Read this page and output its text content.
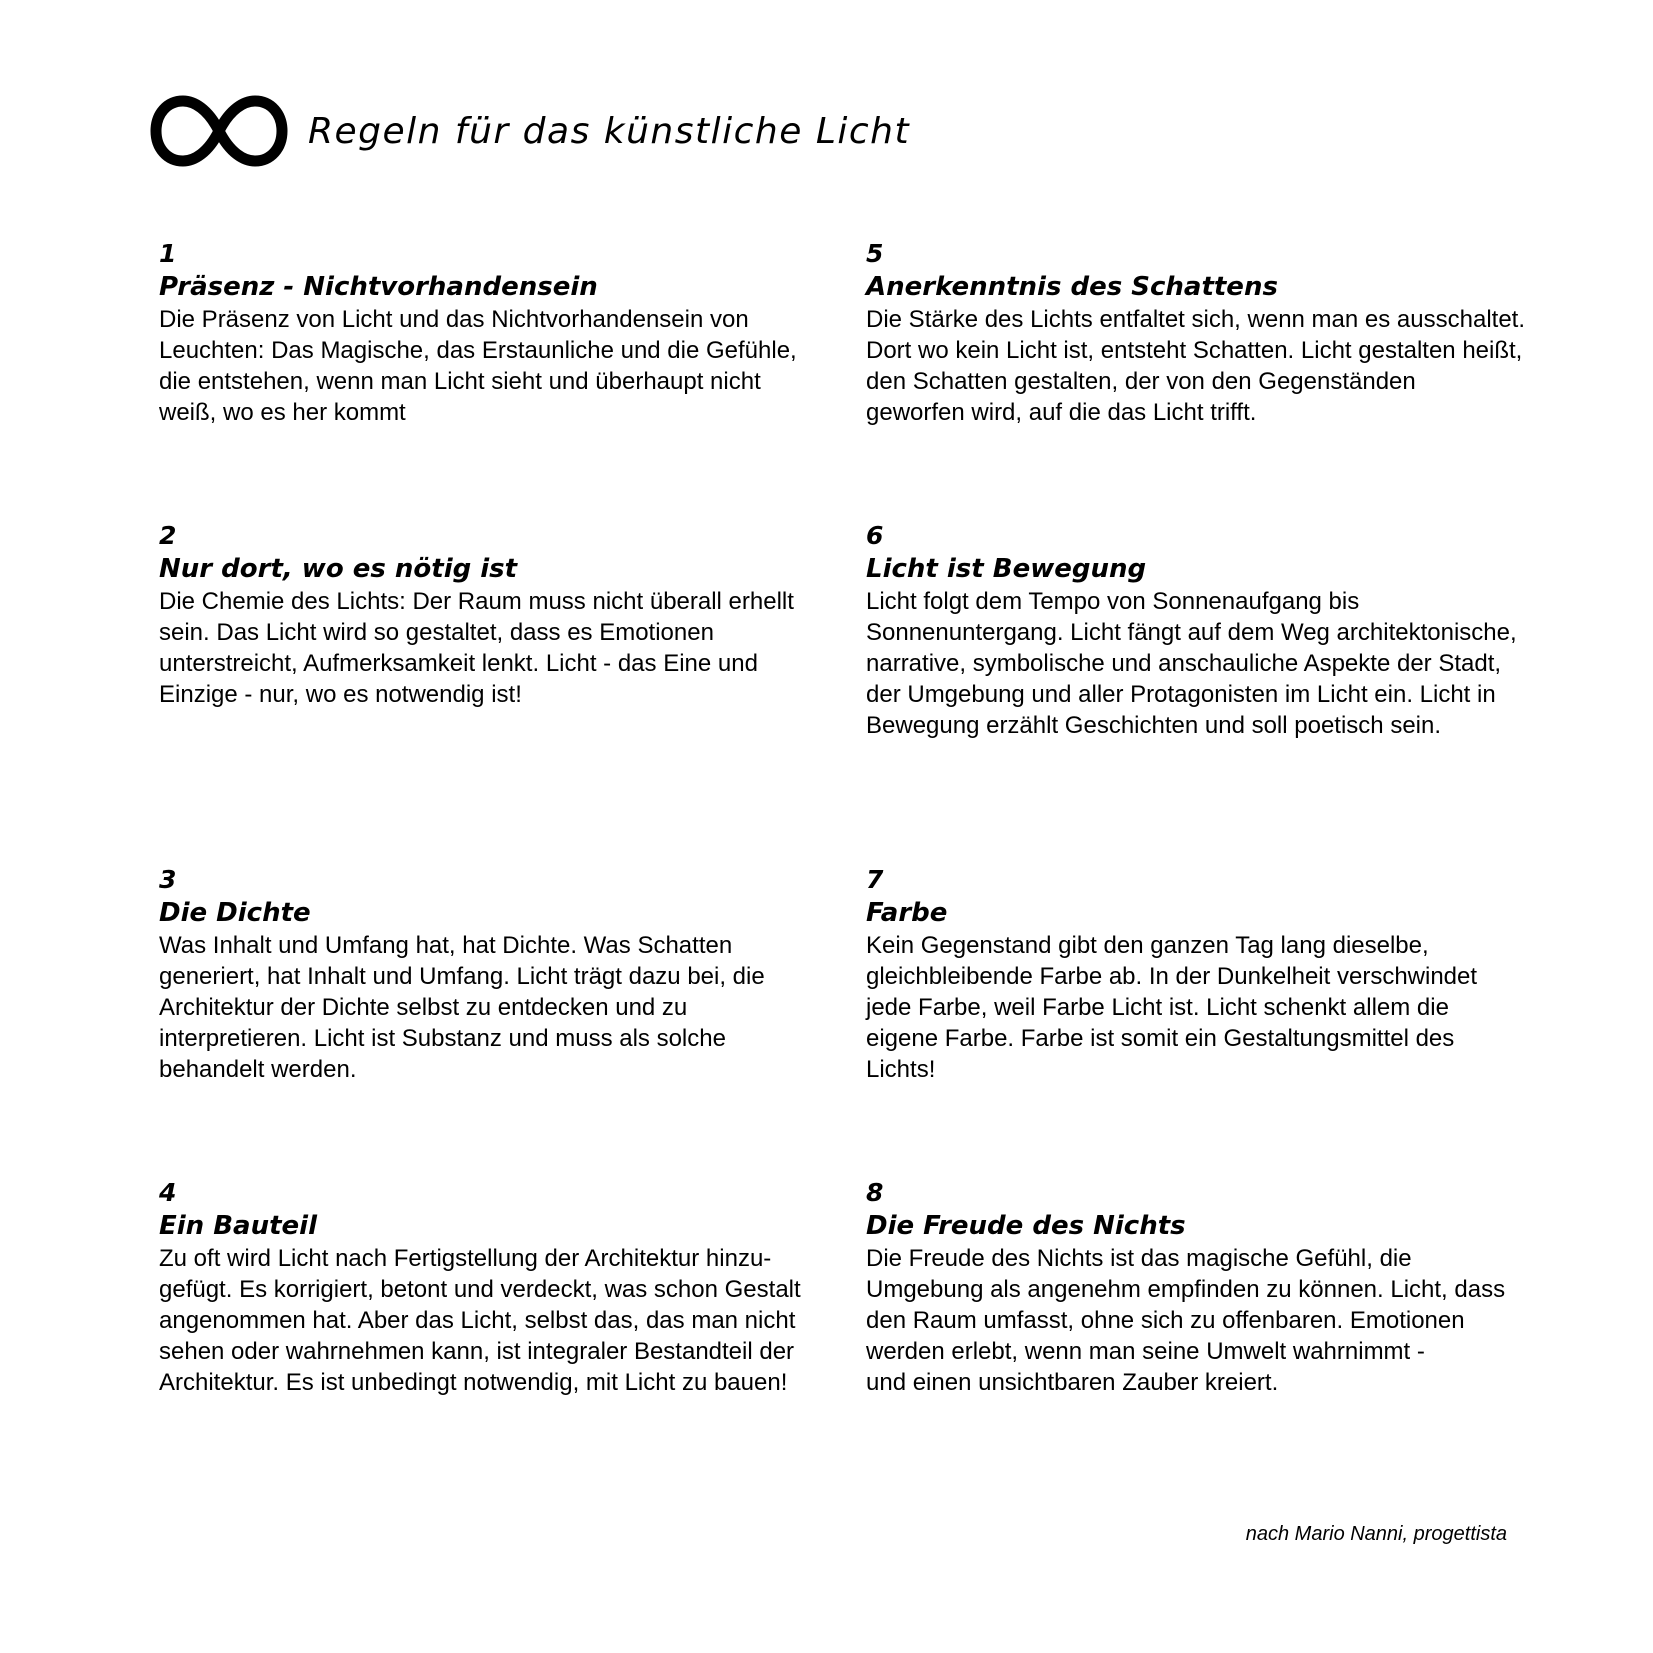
Regeln für das künstliche Licht
1
Präsenz - Nichtvorhandensein
Die Präsenz von Licht und das Nichtvorhandensein von
Leuchten: Das Magische, das Erstaunliche und die Gefühle,
die entstehen, wenn man Licht sieht und überhaupt nicht
weiß, wo es her kommt
2
Nur dort, wo es nötig ist
Die Chemie des Lichts: Der Raum muss nicht überall erhellt
sein. Das Licht wird so gestaltet, dass es Emotionen
unterstreicht, Aufmerksamkeit lenkt. Licht - das Eine und
Einzige - nur, wo es notwendig ist!
3
Die Dichte
Was Inhalt und Umfang hat, hat Dichte. Was Schatten
generiert, hat Inhalt und Umfang. Licht trägt dazu bei, die
Architektur der Dichte selbst zu entdecken und zu
interpretieren. Licht ist Substanz und muss als solche
behandelt werden.
4
Ein Bauteil
Zu oft wird Licht nach Fertigstellung der Architektur hinzu-
gefügt. Es korrigiert, betont und verdeckt, was schon Gestalt
angenommen hat. Aber das Licht, selbst das, das man nicht
sehen oder wahrnehmen kann, ist integraler Bestandteil der
Architektur. Es ist unbedingt notwendig, mit Licht zu bauen!
5
Anerkenntnis des Schattens
Die Stärke des Lichts entfaltet sich, wenn man es ausschaltet.
Dort wo kein Licht ist, entsteht Schatten. Licht gestalten heißt,
den Schatten gestalten, der von den Gegenständen
geworfen wird, auf die das Licht trifft.
6
Licht ist Bewegung
Licht folgt dem Tempo von Sonnenaufgang bis
Sonnenuntergang. Licht fängt auf dem Weg architektonische,
narrative, symbolische und anschauliche Aspekte der Stadt,
der Umgebung und aller Protagonisten im Licht ein. Licht in
Bewegung erzählt Geschichten und soll poetisch sein.
7
Farbe
Kein Gegenstand gibt den ganzen Tag lang dieselbe,
gleichbleibende Farbe ab. In der Dunkelheit verschwindet
jede Farbe, weil Farbe Licht ist. Licht schenkt allem die
eigene Farbe. Farbe ist somit ein Gestaltungsmittel des
Lichts!
8
Die Freude des Nichts
Die Freude des Nichts ist das magische Gefühl, die
Umgebung als angenehm empfinden zu können. Licht, dass
den Raum umfasst, ohne sich zu offenbaren. Emotionen
werden erlebt, wenn man seine Umwelt wahrnimmt -
und einen unsichtbaren Zauber kreiert.
nach Mario Nanni, progettista
